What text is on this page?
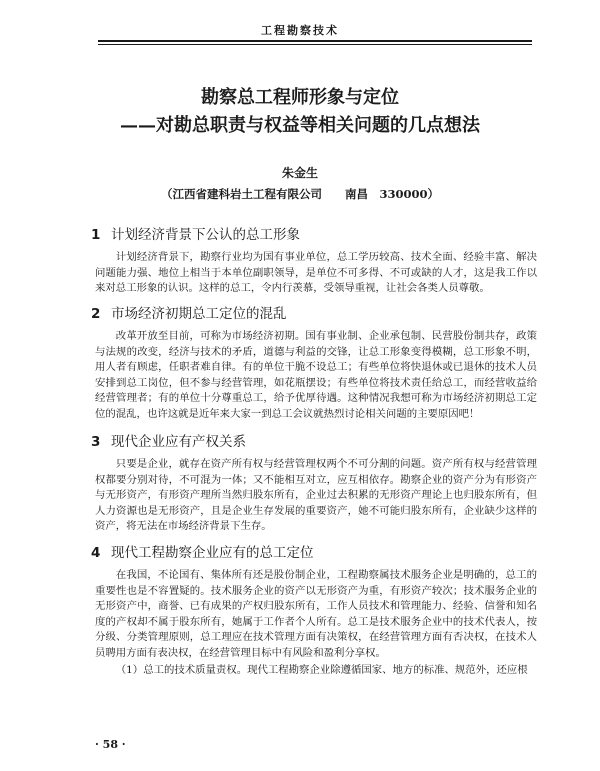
工程勘察技术
勘察总工程师形象与定位
——对勘总职责与权益等相关问题的几点想法
朱金生
（江西省建科岩土工程有限公司　　南昌　330000）
1 计划经济背景下公认的总工形象

计划经济背景下，勘察行业均为国有事业单位，总工学历较高、技术全面、经验丰富、解决问题能力强、地位上相当于本单位副职领导，是单位不可多得、不可或缺的人才，这是我工作以来对总工形象的认识。这样的总工，令内行羡慕，受领导重视，让社会各类人员尊敬。

2 市场经济初期总工定位的混乱

改革开放至目前，可称为市场经济初期。国有事业制、企业承包制、民营股份制共存，政策与法规的改变，经济与技术的矛盾，道德与利益的交锋，让总工形象变得模糊，总工形象不明，用人者有顾虑，任职者难自律。有的单位干脆不设总工；有些单位将快退休或已退休的技术人员安排到总工岗位，但不参与经营管理，如花瓶摆设；有些单位将技术责任给总工，而经营收益给经营管理者；有的单位十分尊重总工，给予优厚待遇。这种情况我想可称为市场经济初期总工定位的混乱，也许这就是近年来大家一到总工会议就热烈讨论相关问题的主要原因吧！

3 现代企业应有产权关系

只要是企业，就存在资产所有权与经营管理权两个不可分割的问题。资产所有权与经营管理权都要分别对待，不可混为一体；又不能相互对立，应互相依存。勘察企业的资产分为有形资产与无形资产，有形资产理所当然归股东所有，企业过去积累的无形资产理论上也归股东所有，但人力资源也是无形资产，且是企业生存发展的重要资产，她不可能归股东所有，企业缺少这样的资产，将无法在市场经济背景下生存。

4 现代工程勘察企业应有的总工定位

在我国，不论国有、集体所有还是股份制企业，工程勘察属技术服务企业是明确的，总工的重要性也是不容置疑的。技术服务企业的资产以无形资产为重，有形资产较次；技术服务企业的无形资产中，商誉、已有成果的产权归股东所有，工作人员技术和管理能力、经验、信誉和知名度的产权却不属于股东所有，她属于工作者个人所有。总工是技术服务企业中的技术代表人，按分级、分类管理原则，总工理应在技术管理方面有决策权，在经营管理方面有否决权，在技术人员聘用方面有表决权，在经营管理目标中有风险和盈利分享权。

（1）总工的技术质量责权。现代工程勘察企业除遵循国家、地方的标准、规范外，还应根

· 58 ·
